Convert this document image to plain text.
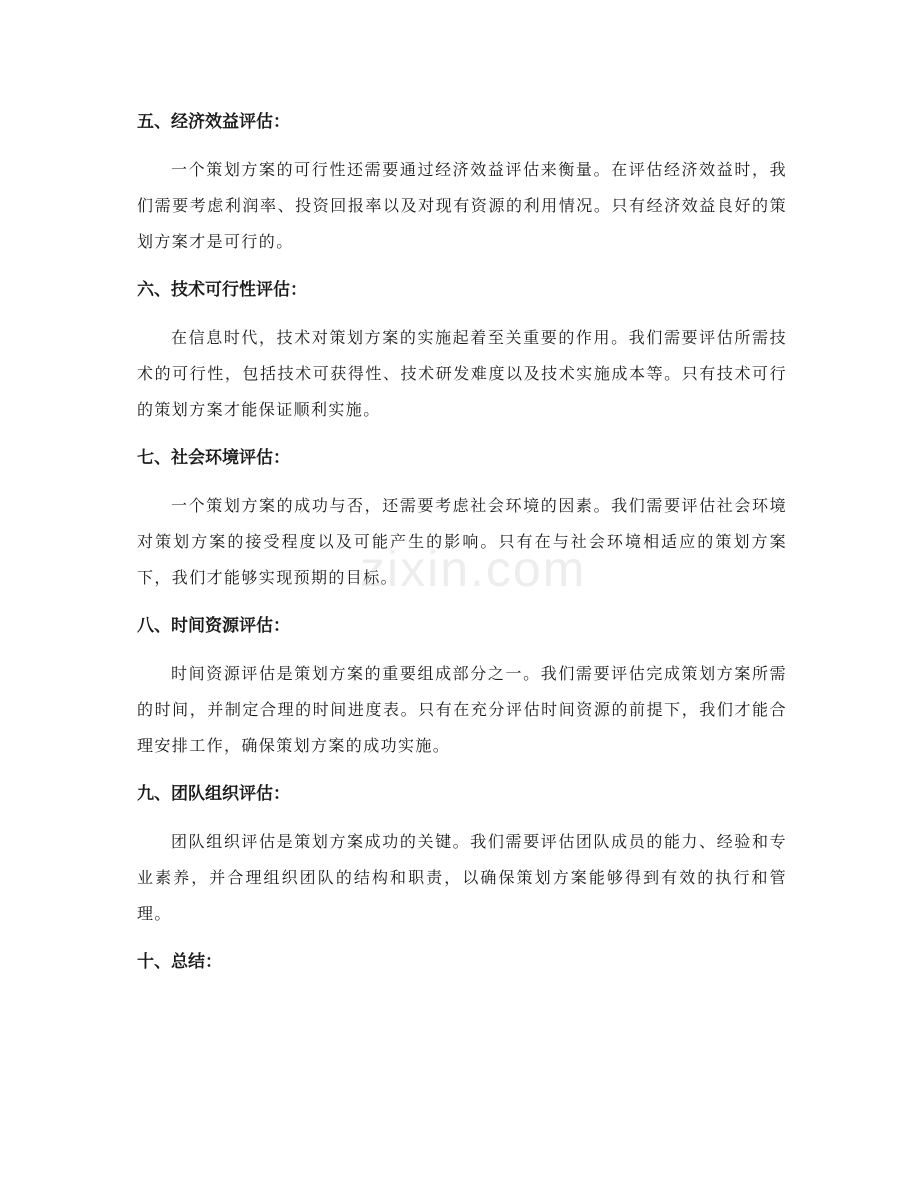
五、经济效益评估：

一个策划方案的可行性还需要通过经济效益评估来衡量。在评估经济效益时，我们需要考虑利润率、投资回报率以及对现有资源的利用情况。只有经济效益良好的策划方案才是可行的。

六、技术可行性评估：

在信息时代，技术对策划方案的实施起着至关重要的作用。我们需要评估所需技术的可行性，包括技术可获得性、技术研发难度以及技术实施成本等。只有技术可行的策划方案才能保证顺利实施。

七、社会环境评估：

一个策划方案的成功与否，还需要考虑社会环境的因素。我们需要评估社会环境对策划方案的接受程度以及可能产生的影响。只有在与社会环境相适应的策划方案下，我们才能够实现预期的目标。

八、时间资源评估：

时间资源评估是策划方案的重要组成部分之一。我们需要评估完成策划方案所需的时间，并制定合理的时间进度表。只有在充分评估时间资源的前提下，我们才能合理安排工作，确保策划方案的成功实施。

九、团队组织评估：

团队组织评估是策划方案成功的关键。我们需要评估团队成员的能力、经验和专业素养，并合理组织团队的结构和职责，以确保策划方案能够得到有效的执行和管理。

十、总结：
zixin.com
